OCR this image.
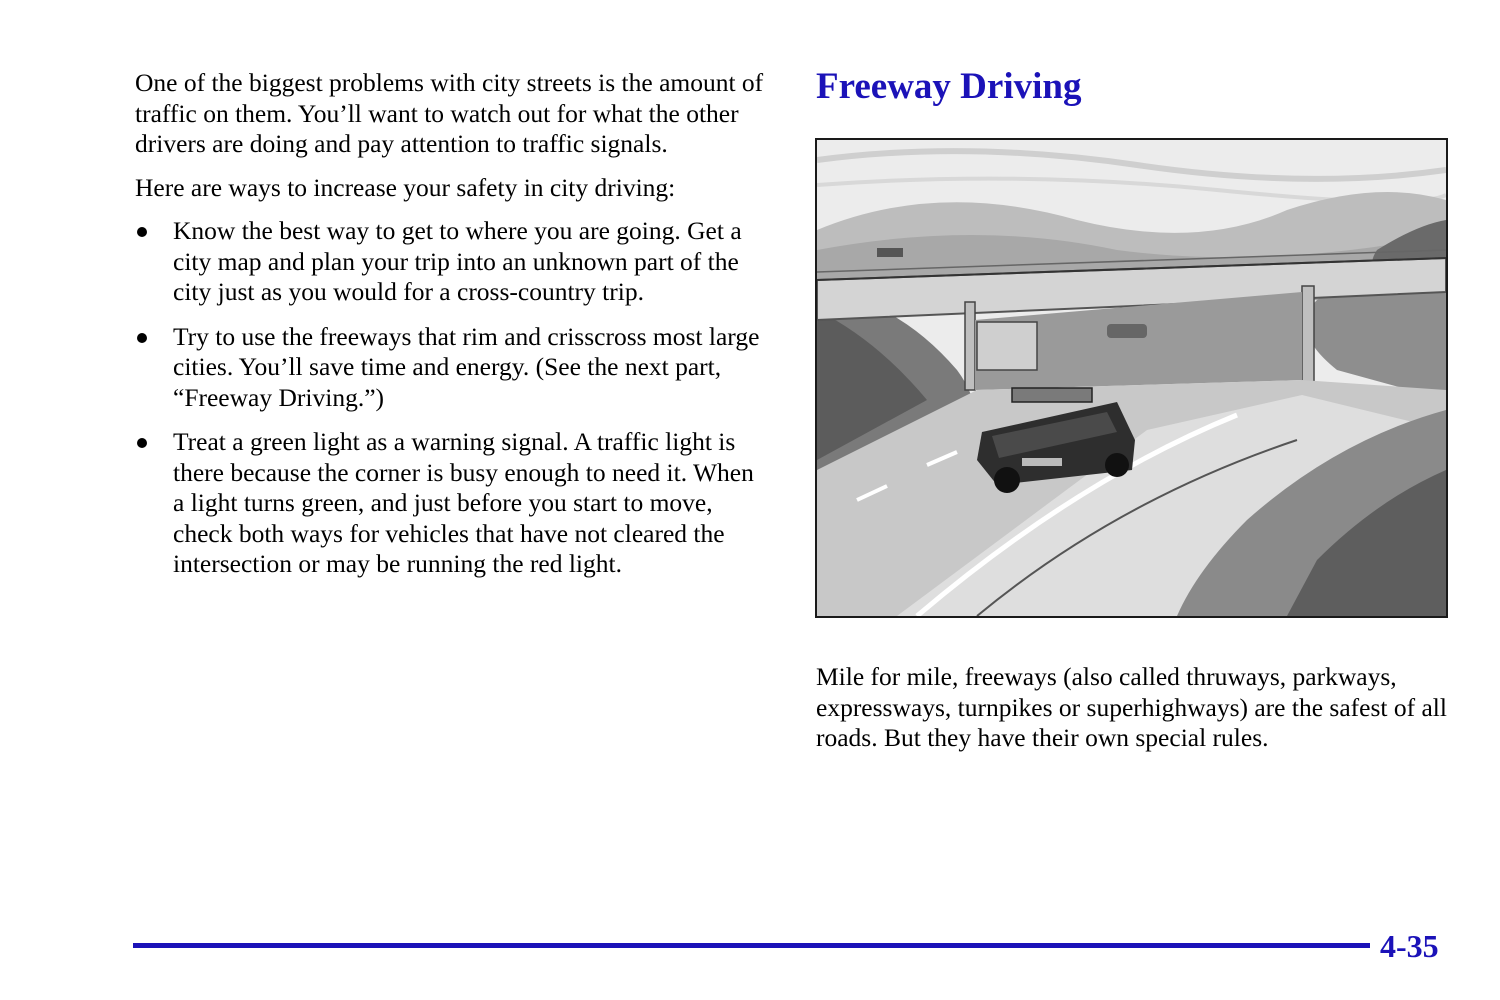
One of the biggest problems with city streets is the amount of traffic on them. You’ll want to watch out for what the other drivers are doing and pay attention to traffic signals.

Here are ways to increase your safety in city driving:

Know the best way to get to where you are going. Get a city map and plan your trip into an unknown part of the city just as you would for a cross-country trip.
Try to use the freeways that rim and crisscross most large cities. You’ll save time and energy. (See the next part, “Freeway Driving.”)
Treat a green light as a warning signal. A traffic light is there because the corner is busy enough to need it. When a light turns green, and just before you start to move, check both ways for vehicles that have not cleared the intersection or may be running the red light.
Freeway Driving

Mile for mile, freeways (also called thruways, parkways, expressways, turnpikes or superhighways) are the safest of all roads. But they have their own special rules.

4-35
